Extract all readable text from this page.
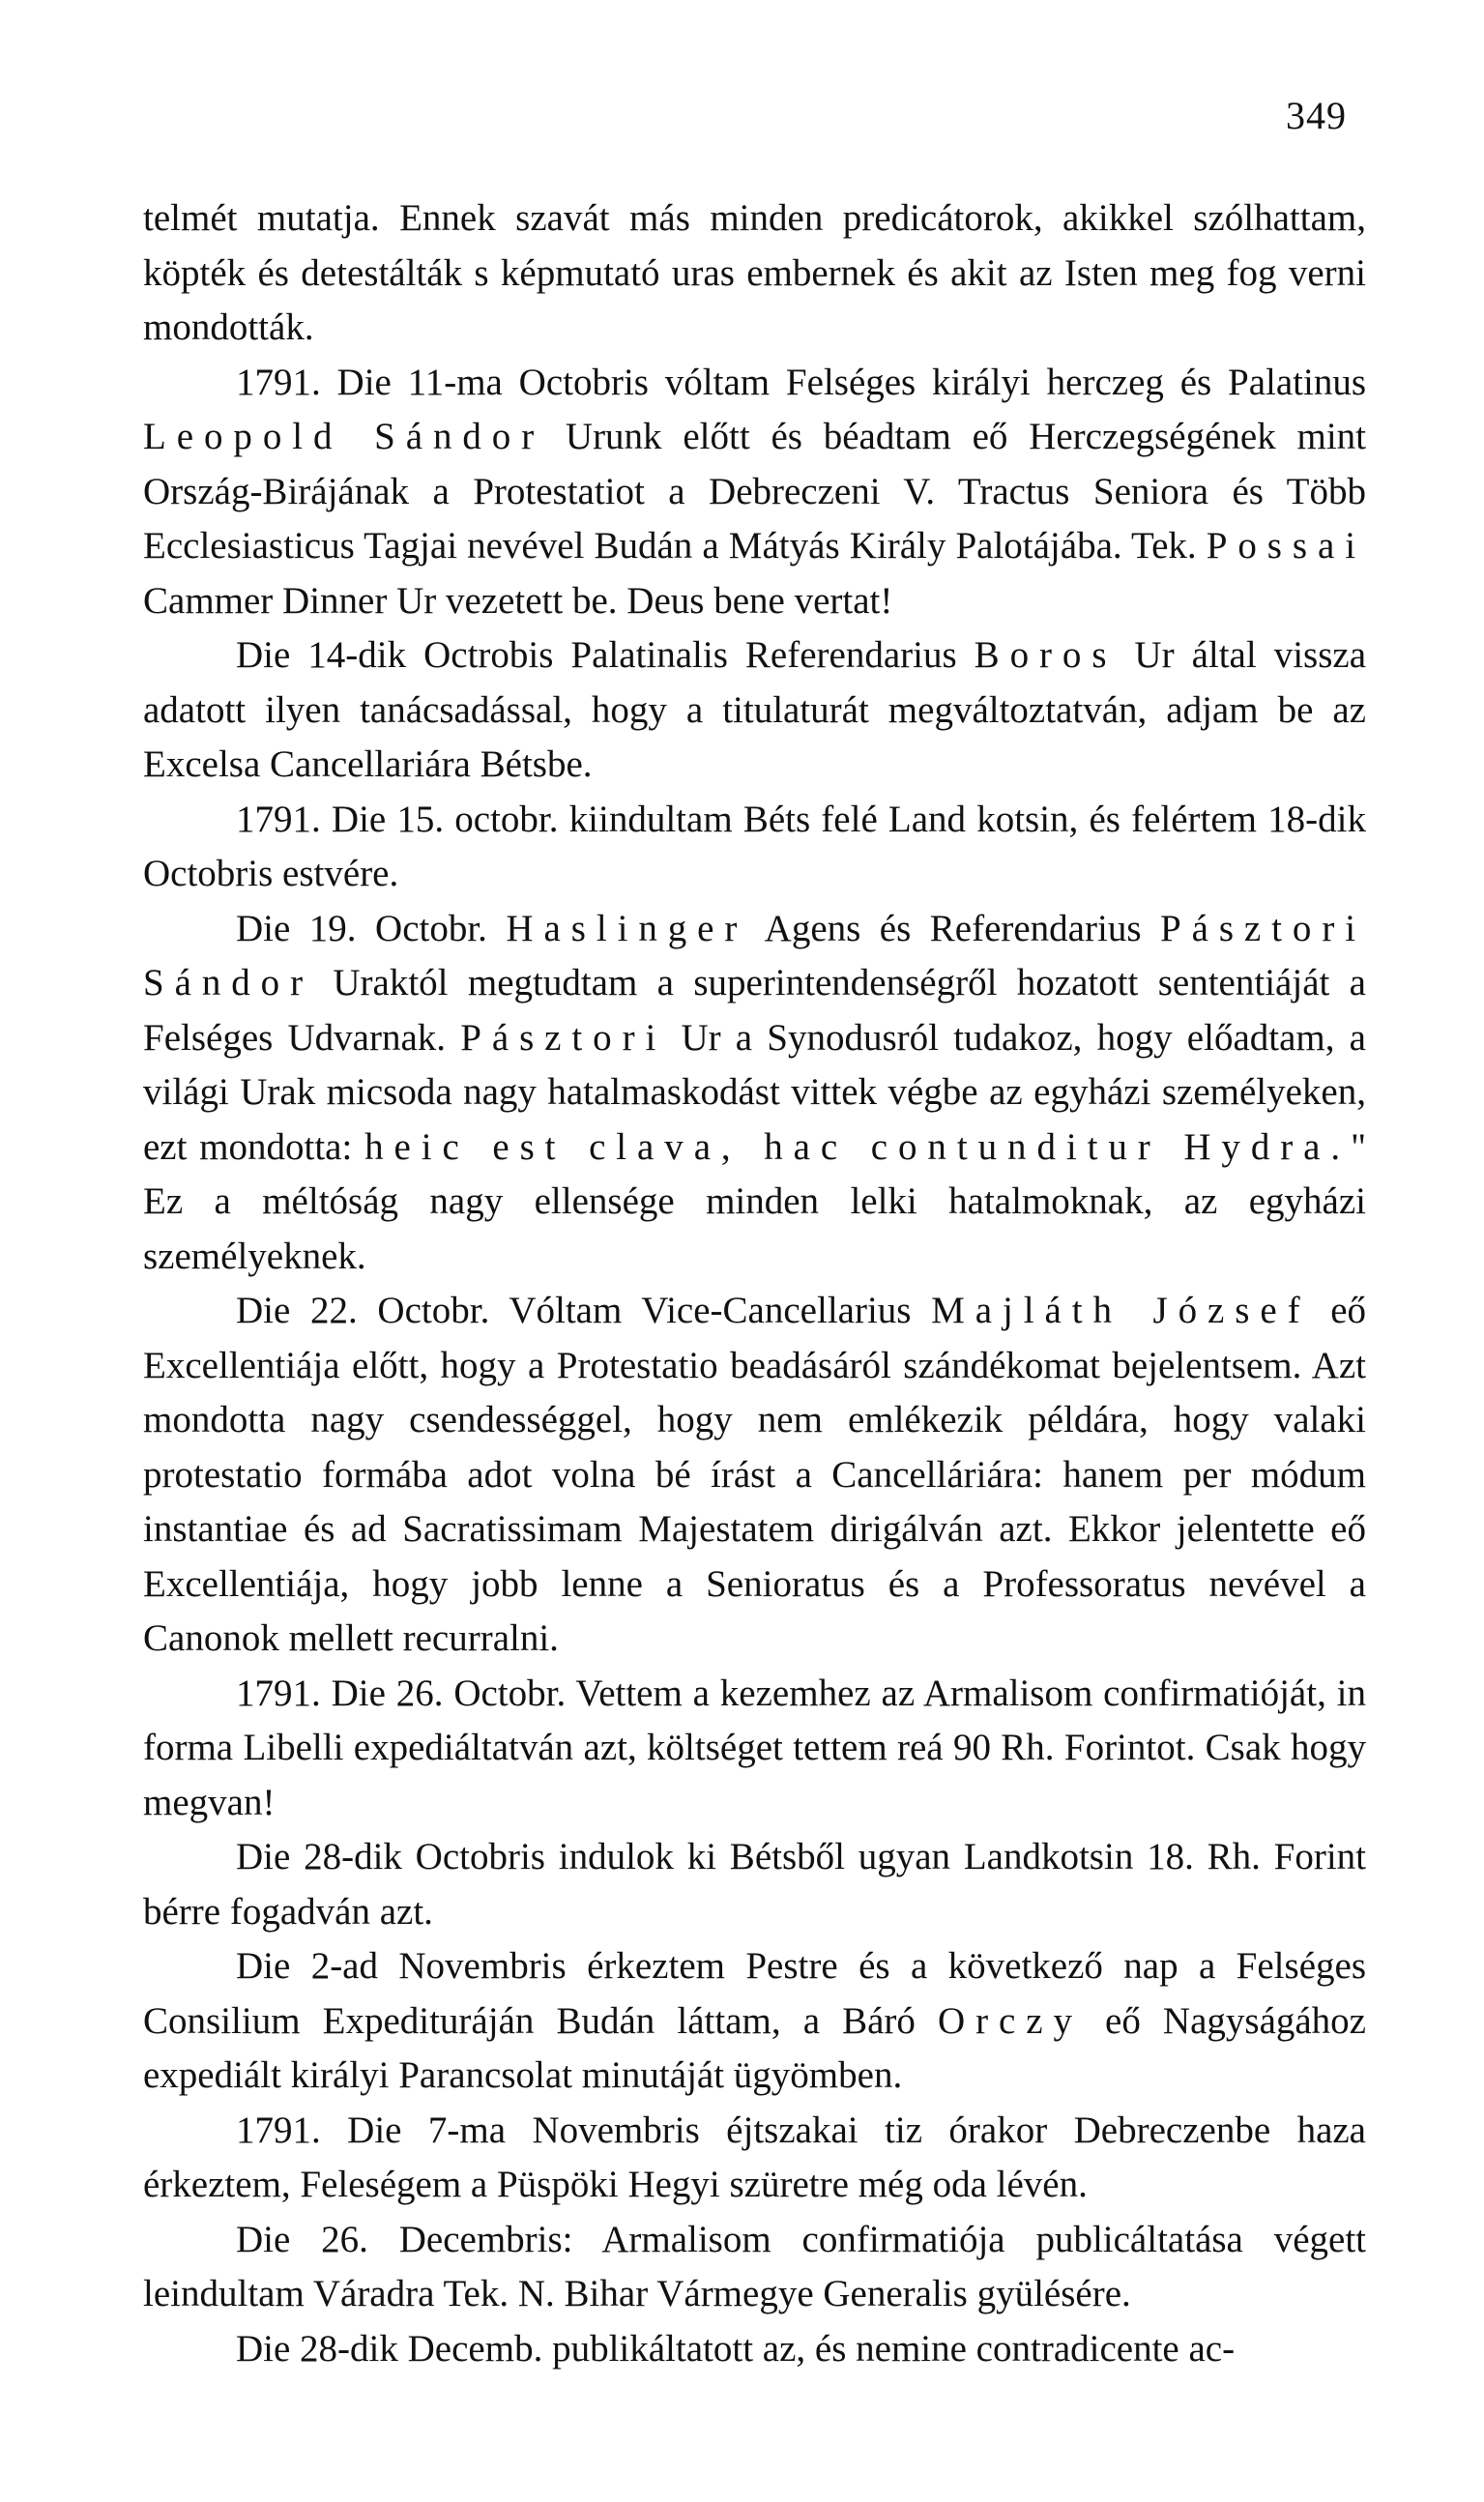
349

telmét mutatja. Ennek szavát más minden predicátorok, akikkel szólhattam, köpték és detestálták s képmutató uras embernek és akit az Isten meg fog verni mondották.

1791. Die 11-ma Octobris vóltam Felséges királyi herczeg és Palatinus Leopold Sándor Urunk előtt és béadtam eő Herczegségének mint Ország-Birájának a Protestatiot a Debreczeni V. Tractus Seniora és Több Ecclesiasticus Tagjai nevével Budán a Mátyás Király Palotájába. Tek. Possai Cammer Dinner Ur vezetett be. Deus bene vertat!

Die 14-dik Octrobis Palatinalis Referendarius Boros Ur által vissza adatott ilyen tanácsadással, hogy a titulaturát megváltoztatván, adjam be az Excelsa Cancellariára Bétsbe.

1791. Die 15. octobr. kiindultam Béts felé Land kotsin, és felértem 18-dik Octobris estvére.

Die 19. Octobr. Haslinger Agens és Referendarius Pásztori Sándor Uraktól megtudtam a superintendenségről hozatott sententiáját a Felséges Udvarnak. Pásztori Ur a Synodusról tudakoz, hogy előadtam, a világi Urak micsoda nagy hatalmaskodást vittek végbe az egyházi személyeken, ezt mondotta: heic est clava, hac contunditur Hydra." Ez a méltóság nagy ellensége minden lelki hatalmoknak, az egyházi személyeknek.

Die 22. Octobr. Vóltam Vice-Cancellarius Majláth József eő Excellentiája előtt, hogy a Protestatio beadásáról szándékomat bejelentsem. Azt mondotta nagy csendességgel, hogy nem emlékezik példára, hogy valaki protestatio formába adot volna bé írást a Cancelláriára: hanem per módum instantiae és ad Sacratissimam Majestatem dirigálván azt. Ekkor jelentette eő Excellentiája, hogy jobb lenne a Senioratus és a Professoratus nevével a Canonok mellett recurralni.

1791. Die 26. Octobr. Vettem a kezemhez az Armalisom confirmatióját, in forma Libelli expediáltatván azt, költséget tettem reá 90 Rh. Forintot. Csak hogy megvan!

Die 28-dik Octobris indulok ki Bétsből ugyan Landkotsin 18. Rh. Forint bérre fogadván azt.

Die 2-ad Novembris érkeztem Pestre és a következő nap a Felséges Consilium Expedituráján Budán láttam, a Báró Orczy eő Nagyságához expediált királyi Parancsolat minutáját ügyömben.

1791. Die 7-ma Novembris éjtszakai tiz órakor Debreczenbe haza érkeztem, Feleségem a Püspöki Hegyi szüretre még oda lévén.

Die 26. Decembris: Armalisom confirmatiója publicáltatása végett leindultam Váradra Tek. N. Bihar Vármegye Generalis gyülésére.

Die 28-dik Decemb. publikáltatott az, és nemine contradicente ac-
